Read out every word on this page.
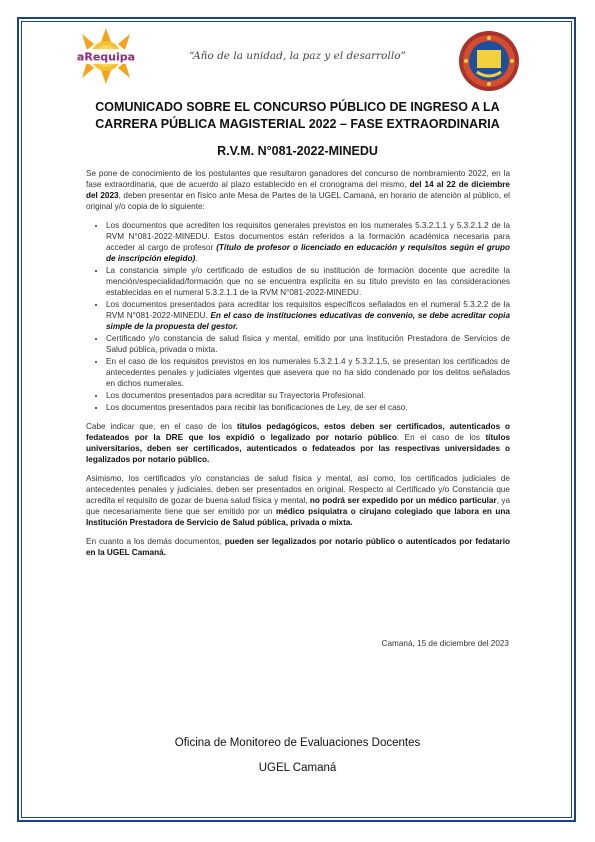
aRequipa	“Año de la unidad, la paz y el desarrollo”
COMUNICADO SOBRE EL CONCURSO PÚBLICO DE INGRESO A LA CARRERA PÚBLICA MAGISTERIAL 2022 – FASE EXTRAORDINARIA
R.V.M. N°081-2022-MINEDU

Se pone de conocimiento de los postulantes que resultaron ganadores del concurso de nombramiento 2022, en la fase extraordinaria, que de acuerdo al plazo establecido en el cronograma del mismo, del 14 al 22 de diciembre del 2023, deben presentar en físico ante Mesa de Partes de la UGEL Camaná, en horario de atención al público, el original y/o copia de lo siguiente:

• Los documentos que acrediten los requisitos generales previstos en los numerales 5.3.2.1.1 y 5.3.2.1.2 de la RVM N°081-2022-MINEDU. Estos documentos están referidos a la formación académica necesaria para acceder al cargo de profesor (Título de profesor o licenciado en educación y requisitos según el grupo de inscripción elegido).
• La constancia simple y/o certificado de estudios de su institución de formación docente que acredite la mención/especialidad/formación que no se encuentra explícita en su título previsto en las consideraciones establecidas en el numeral 5.3.2.1.1 de la RVM N°081-2022-MINEDU.
• Los documentos presentados para acreditar los requisitos específicos señalados en el numeral 5.3.2.2 de la RVM N°081-2022-MINEDU. En el caso de instituciones educativas de convenio, se debe acreditar copia simple de la propuesta del gestor.
• Certificado y/o constancia de salud física y mental, emitido por una Institución Prestadora de Servicios de Salud pública, privada o mixta.
• En el caso de los requisitos previstos en los numerales 5.3.2.1.4 y 5.3.2.1.5, se presentan los certificados de antecedentes penales y judiciales vigentes que asevera que no ha sido condenado por los delitos señalados en dichos numerales.
• Los documentos presentados para acreditar su Trayectoria Profesional.
• Los documentos presentados para recibir las bonificaciones de Ley, de ser el caso.

Cabe indicar que, en el caso de los títulos pedagógicos, estos deben ser certificados, autenticados o fedateados por la DRE que los expidió o legalizado por notario público. En el caso de los títulos universitarios, deben ser certificados, autenticados o fedateados por las respectivas universidades o legalizados por notario público.

Asimismo, los certificados y/o constancias de salud física y mental, así como, los certificados judiciales de antecedentes penales y judiciales, deben ser presentados en original. Respecto al Certificado y/o Constancia que acredita el requisito de gozar de buena salud física y mental, no podrá ser expedido por un médico particular, ya que necesariamente tiene que ser emitido por un médico psiquiatra o cirujano colegiado que labora en una Institución Prestadora de Servicio de Salud pública, privada o mixta.

En cuanto a los demás documentos, pueden ser legalizados por notario público o autenticados por fedatario en la UGEL Camaná.

Camaná, 15 de diciembre del 2023
Oficina de Monitoreo de Evaluaciones Docentes
UGEL Camaná
